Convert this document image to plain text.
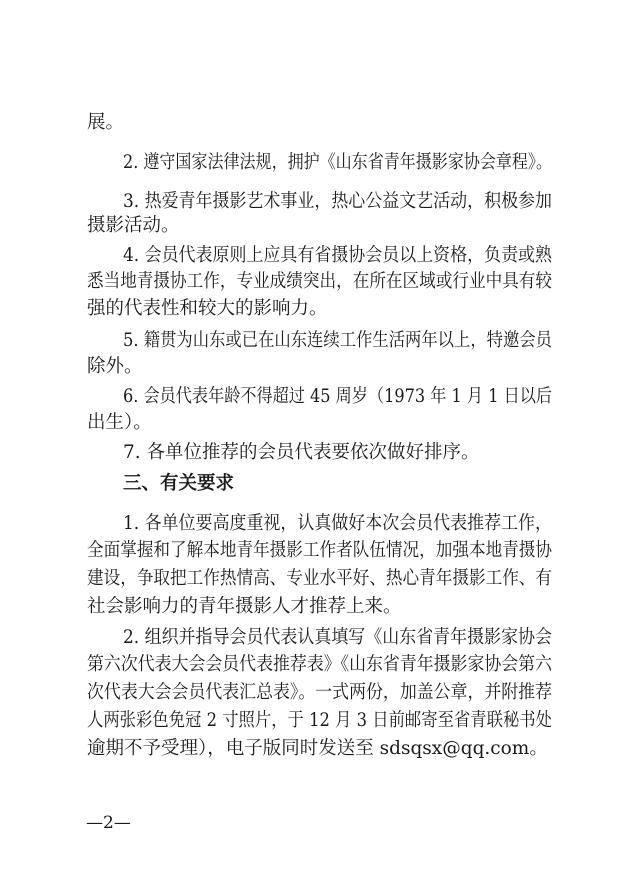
展。
2. 遵守国家法律法规，拥护《山东省青年摄影家协会章程》。
3. 热爱青年摄影艺术事业，热心公益文艺活动，积极参加
摄影活动。
4. 会员代表原则上应具有省摄协会员以上资格，负责或熟
悉当地青摄协工作，专业成绩突出，在所在区域或行业中具有较
强的代表性和较大的影响力。
5. 籍贯为山东或已在山东连续工作生活两年以上，特邀会员
除外。
6. 会员代表年龄不得超过 45 周岁（1973 年 1 月 1 日以后
出生）。
7. 各单位推荐的会员代表要依次做好排序。
三、有关要求
1. 各单位要高度重视，认真做好本次会员代表推荐工作，
全面掌握和了解本地青年摄影工作者队伍情况，加强本地青摄协
建设，争取把工作热情高、专业水平好、热心青年摄影工作、有
社会影响力的青年摄影人才推荐上来。
2. 组织并指导会员代表认真填写《山东省青年摄影家协会
第六次代表大会会员代表推荐表》《山东省青年摄影家协会第六
次代表大会会员代表汇总表》。一式两份，加盖公章，并附推荐
人两张彩色免冠 2 寸照片，于 12 月 3 日前邮寄至省青联秘书处
逾期不予受理），电子版同时发送至 sdsqsx@qq.com。
—2—
